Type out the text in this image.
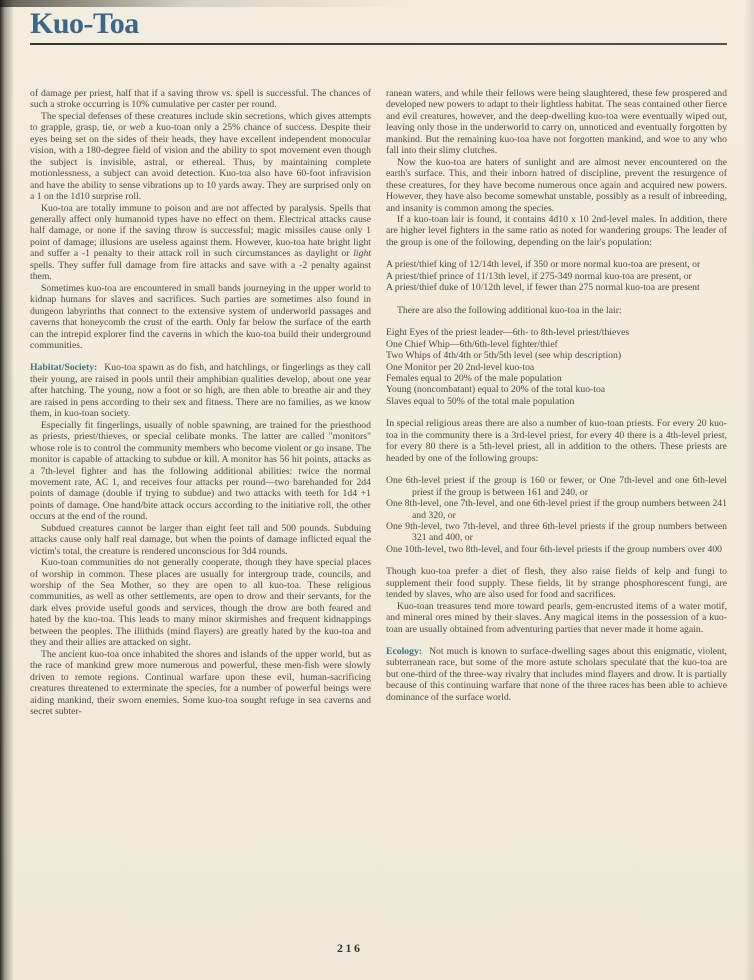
Kuo-Toa

of damage per priest, half that if a saving throw vs. spell is successful. The chances of such a stroke occurring is 10% cumulative per caster per round.

The special defenses of these creatures include skin secretions, which gives attempts to grapple, grasp, tie, or web a kuo-toan only a 25% chance of success. Despite their eyes being set on the sides of their heads, they have excellent independent monocular vision, with a 180-degree field of vision and the ability to spot movement even though the subject is invisible, astral, or ethereal. Thus, by maintaining complete motionlessness, a subject can avoid detection. Kuo-toa also have 60-foot infravision and have the ability to sense vibrations up to 10 yards away. They are surprised only on a 1 on the 1d10 surprise roll.

Kuo-toa are totally immune to poison and are not affected by paralysis. Spells that generally affect only humanoid types have no effect on them. Electrical attacks cause half damage, or none if the saving throw is successful; magic missiles cause only 1 point of damage; illusions are useless against them. However, kuo-toa hate bright light and suffer a -1 penalty to their attack roll in such circumstances as daylight or light spells. They suffer full damage from fire attacks and save with a -2 penalty against them.

Sometimes kuo-toa are encountered in small bands journeying in the upper world to kidnap humans for slaves and sacrifices. Such parties are sometimes also found in dungeon labyrinths that connect to the extensive system of underworld passages and caverns that honeycomb the crust of the earth. Only far below the surface of the earth can the intrepid explorer find the caverns in which the kuo-toa build their underground communities.

Habitat/Society: Kuo-toa spawn as do fish, and hatchlings, or fingerlings as they call their young, are raised in pools until their amphibian qualities develop, about one year after hatching. The young, now a foot or so high, are then able to breathe air and they are raised in pens according to their sex and fitness. There are no families, as we know them, in kuo-toan society.

Especially fit fingerlings, usually of noble spawning, are trained for the priesthood as priests, priest/thieves, or special celibate monks. The latter are called "monitors" whose role is to control the community members who become violent or go insane. The monitor is capable of attacking to subdue or kill. A monitor has 56 hit points, attacks as a 7th-level fighter and has the following additional abilities: twice the normal movement rate, AC 1, and receives four attacks per round—two barehanded for 2d4 points of damage (double if trying to subdue) and two attacks with teeth for 1d4 +1 points of damage. One hand/bite attack occurs according to the initiative roll, the other occurs at the end of the round.

Subdued creatures cannot be larger than eight feet tall and 500 pounds. Subduing attacks cause only half real damage, but when the points of damage inflicted equal the victim's total, the creature is rendered unconscious for 3d4 rounds.

Kuo-toan communities do not generally cooperate, though they have special places of worship in common. These places are usually for intergroup trade, councils, and worship of the Sea Mother, so they are open to all kuo-toa. These religious communities, as well as other settlements, are open to drow and their servants, for the dark elves provide useful goods and services, though the drow are both feared and hated by the kuo-toa. This leads to many minor skirmishes and frequent kidnappings between the peoples. The illithids (mind flayers) are greatly hated by the kuo-toa and they and their allies are attacked on sight.

The ancient kuo-toa once inhabited the shores and islands of the upper world, but as the race of mankind grew more numerous and powerful, these men-fish were slowly driven to remote regions. Continual warfare upon these evil, human-sacrificing creatures threatened to exterminate the species, for a number of powerful beings were aiding mankind, their sworn enemies. Some kuo-toa sought refuge in sea caverns and secret subter-

ranean waters, and while their fellows were being slaughtered, these few prospered and developed new powers to adapt to their lightless habitat. The seas contained other fierce and evil creatures, however, and the deep-dwelling kuo-toa were eventually wiped out, leaving only those in the underworld to carry on, unnoticed and eventually forgotten by mankind. But the remaining kuo-toa have not forgotten mankind, and woe to any who fall into their slimy clutches.

Now the kuo-toa are haters of sunlight and are almost never encountered on the earth's surface. This, and their inborn hatred of discipline, prevent the resurgence of these creatures, for they have become numerous once again and acquired new powers. However, they have also become somewhat unstable, possibly as a result of inbreeding, and insanity is common among the species.

If a kuo-toan lair is found, it contains 4d10 x 10 2nd-level males. In addition, there are higher level fighters in the same ratio as noted for wandering groups. The leader of the group is one of the following, depending on the lair's population:

A priest/thief king of 12/14th level, if 350 or more normal kuo-toa are present, or

A priest/thief prince of 11/13th level, if 275-349 normal kuo-toa are present, or

A priest/thief duke of 10/12th level, if fewer than 275 normal kuo-toa are present

There are also the following additional kuo-toa in the lair:

Eight Eyes of the priest leader—6th- to 8th-level priest/thieves

One Chief Whip—6th/6th-level fighter/thief

Two Whips of 4th/4th or 5th/5th level (see whip description)

One Monitor per 20 2nd-level kuo-toa

Females equal to 20% of the male population

Young (noncombatant) equal to 20% of the total kuo-toa

Slaves equal to 50% of the total male population

In special religious areas there are also a number of kuo-toan priests. For every 20 kuo-toa in the community there is a 3rd-level priest, for every 40 there is a 4th-level priest, for every 80 there is a 5th-level priest, all in addition to the others. These priests are headed by one of the following groups:

One 6th-level priest if the group is 160 or fewer, or One 7th-level and one 6th-level priest if the group is between 161 and 240, or

One 8th-level, one 7th-level, and one 6th-level priest if the group numbers between 241 and 320, or

One 9th-level, two 7th-level, and three 6th-level priests if the group numbers between 321 and 400, or

One 10th-level, two 8th-level, and four 6th-level priests if the group numbers over 400

Though kuo-toa prefer a diet of flesh, they also raise fields of kelp and fungi to supplement their food supply. These fields, lit by strange phosphorescent fungi, are tended by slaves, who are also used for food and sacrifices.

Kuo-toan treasures tend more toward pearls, gem-encrusted items of a water motif, and mineral ores mined by their slaves. Any magical items in the possession of a kuo-toan are usually obtained from adventuring parties that never made it home again.

Ecology: Not much is known to surface-dwelling sages about this enigmatic, violent, subterranean race, but some of the more astute scholars speculate that the kuo-toa are but one-third of the three-way rivalry that includes mind flayers and drow. It is partially because of this continuing warfare that none of the three races has been able to achieve dominance of the surface world.

216
